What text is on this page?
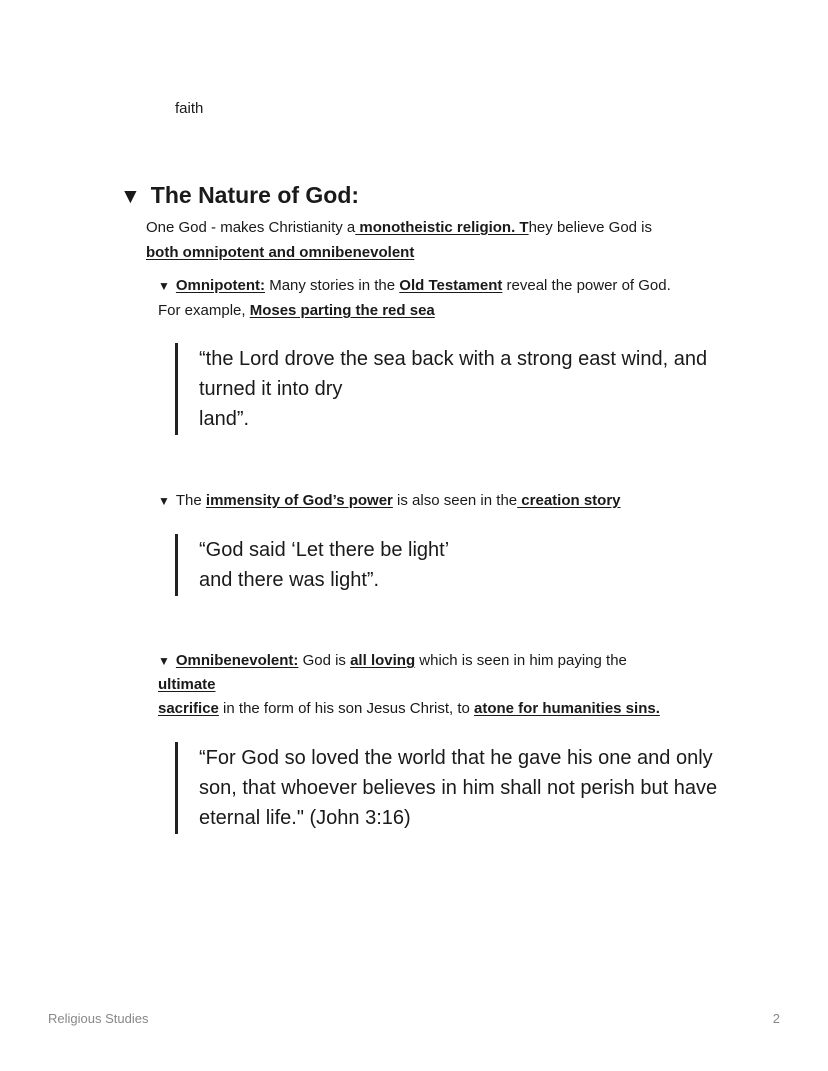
faith
▼ The Nature of God:
One God - makes Christianity a monotheistic religion. They believe God is
both omnipotent and omnibenevolent
▼ Omnipotent: Many stories in the Old Testament reveal the power of God.
For example, Moses parting the red sea
“the Lord drove the sea back with a strong east wind, and
turned it into dry
land”.
▼ The immensity of God’s power is also seen in the creation story
“God said ‘Let there be light’
and there was light”.
▼ Omnibenevolent: God is all loving which is seen in him paying the
ultimate
sacrifice in the form of his son Jesus Christ, to atone for humanities sins.
“For God so loved the world that he gave his one and only
son, that whoever believes in him shall not perish but have
eternal life." (John 3:16)
Religious Studies	2
